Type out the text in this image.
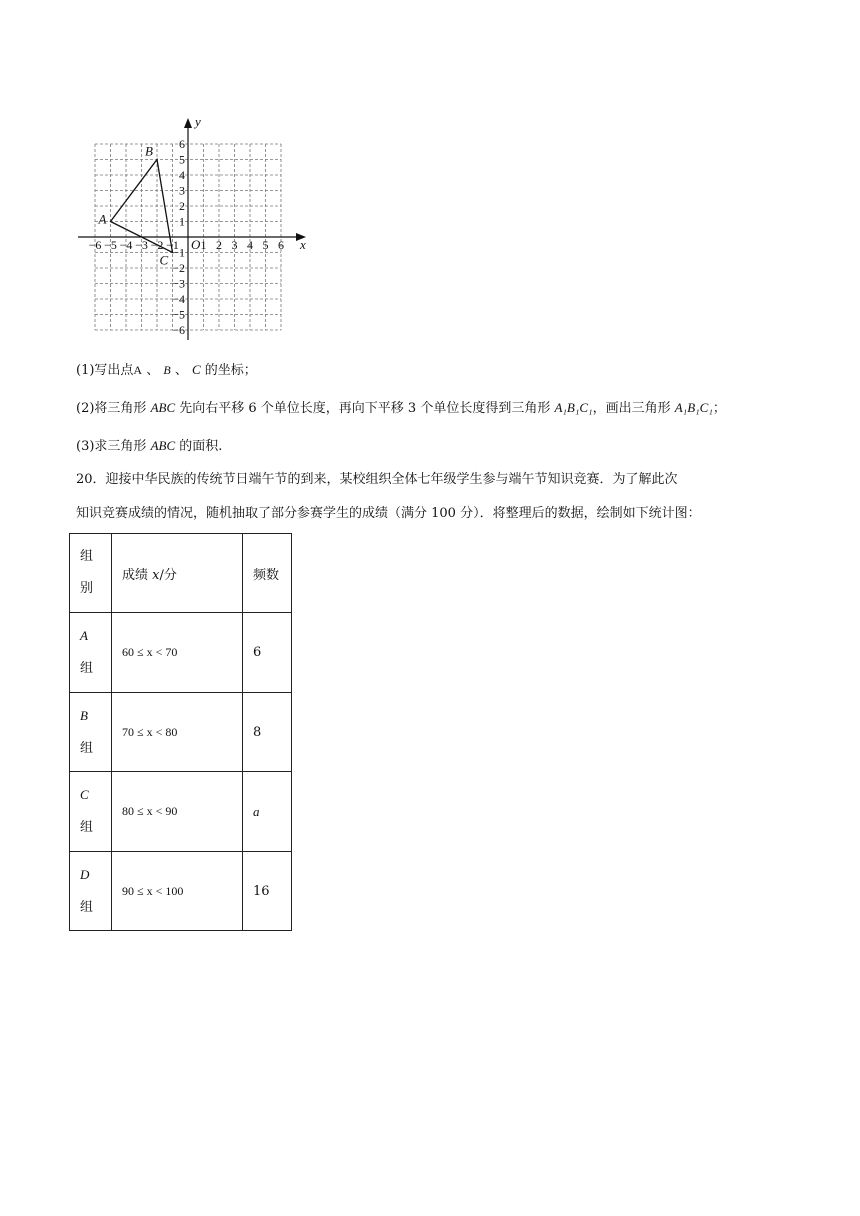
x
y
−6 −5 −4 −3 −2 −1 1 2 3 4 5 6
6
5
4
3
2
1
−1
−2
−3
−4
−5
−6
O
A
B
C
(1)写出点A 、 B 、 C 的坐标；
(2)将三角形 ABC 先向右平移 6 个单位长度，再向下平移 3 个单位长度得到三角形 A₁B₁C₁，画出三角形 A₁B₁C₁；
(3)求三角形 ABC 的面积.
20．迎接中华民族的传统节日端午节的到来，某校组织全体七年级学生参与端午节知识竞赛．为了解此次
知识竞赛成绩的情况，随机抽取了部分参赛学生的成绩（满分 100 分）．将整理后的数据，绘制如下统计图：
组
别	成绩 x/分	频数

A
组	60 ≤ x < 70	6

B
组	70 ≤ x < 80	8

C
组	80 ≤ x < 90	a

D
组	90 ≤ x < 100	16
